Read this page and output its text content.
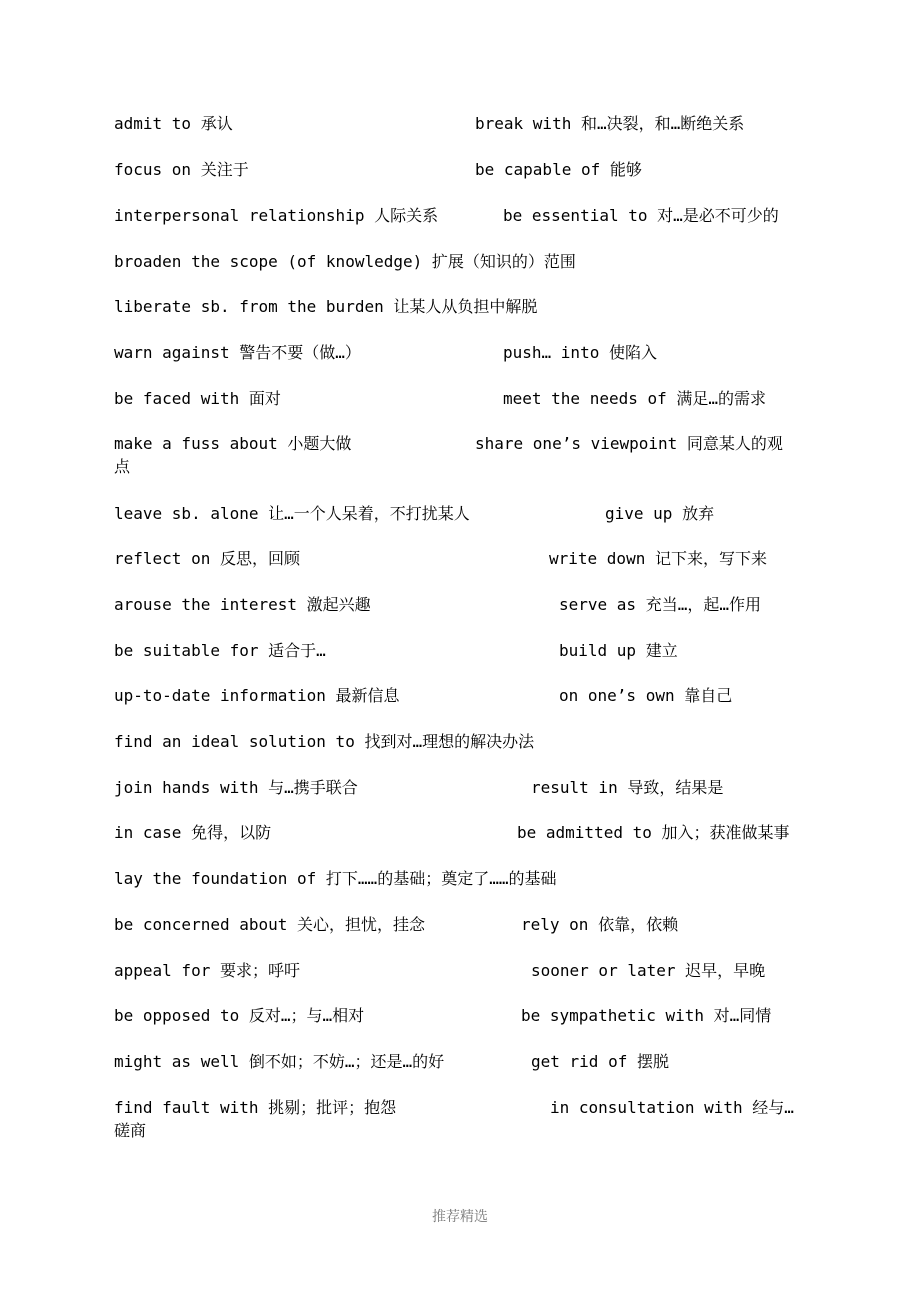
admit to 承认	break with 和…决裂，和…断绝关系
focus on 关注于	be capable of 能够
interpersonal relationship 人际关系	be essential to 对…是必不可少的
broaden the scope (of knowledge) 扩展（知识的）范围
liberate sb. from the burden 让某人从负担中解脱
warn against 警告不要（做…）	push… into 使陷入
be faced with 面对	meet the needs of 满足…的需求
make a fuss about 小题大做	share one’s viewpoint 同意某人的观
点
leave sb. alone 让…一个人呆着，不打扰某人	give up 放弃
reflect on 反思，回顾	write down 记下来，写下来
arouse the interest 激起兴趣	serve as 充当…，起…作用
be suitable for 适合于…	build up 建立
up-to-date information 最新信息	on one’s own 靠自己
find an ideal solution to 找到对…理想的解决办法
join hands with 与…携手联合	result in 导致，结果是
in case 免得，以防	be admitted to 加入；获准做某事
lay the foundation of 打下……的基础；奠定了……的基础
be concerned about 关心，担忧，挂念	rely on 依靠，依赖
appeal for 要求；呼吁	sooner or later 迟早，早晚
be opposed to 反对…；与…相对	be sympathetic with 对…同情
might as well 倒不如；不妨…；还是…的好	get rid of 摆脱
find fault with 挑剔；批评；抱怨	in consultation with 经与…
磋商
推荐精选
